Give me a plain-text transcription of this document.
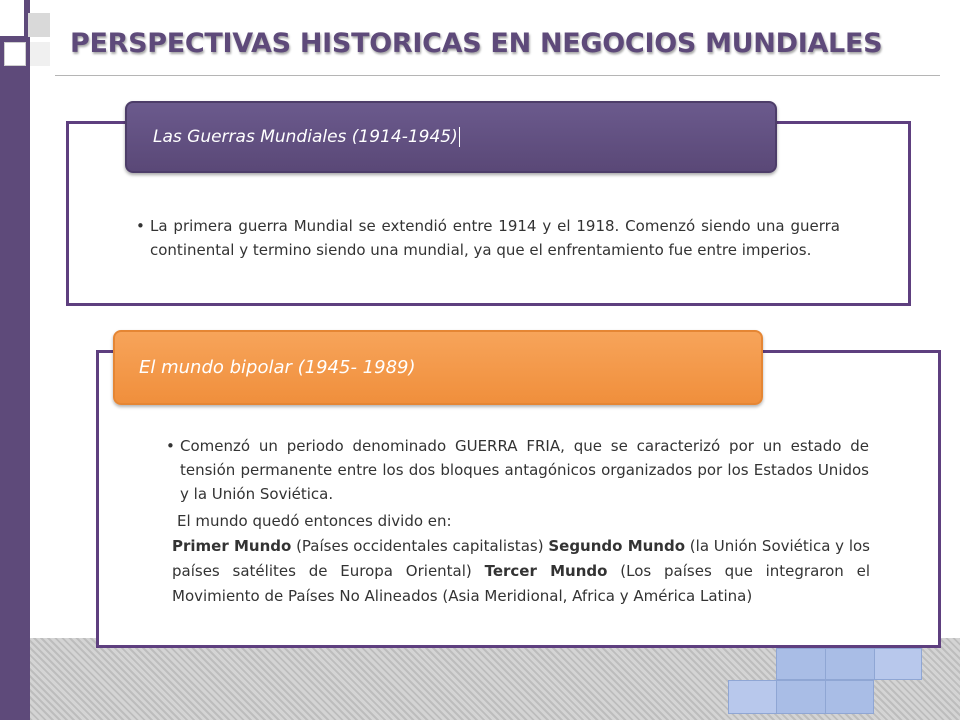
PERSPECTIVAS HISTORICAS EN NEGOCIOS MUNDIALES
Las Guerras Mundiales (1914-1945)
• La primera guerra Mundial se extendió entre 1914 y el 1918. Comenzó siendo una guerra continental y termino siendo una mundial, ya que el enfrentamiento fue entre imperios.
El mundo bipolar (1945- 1989)
• Comenzó un periodo denominado GUERRA FRIA, que se caracterizó por un estado de tensión permanente entre los dos bloques antagónicos organizados por los Estados Unidos y la Unión Soviética.
El mundo quedó entonces divido en:
Primer Mundo (Países occidentales capitalistas) Segundo Mundo (la Unión Soviética y los países satélites de Europa Oriental) Tercer Mundo (Los países que integraron el Movimiento de Países No Alineados (Asia Meridional, Africa y América Latina)
